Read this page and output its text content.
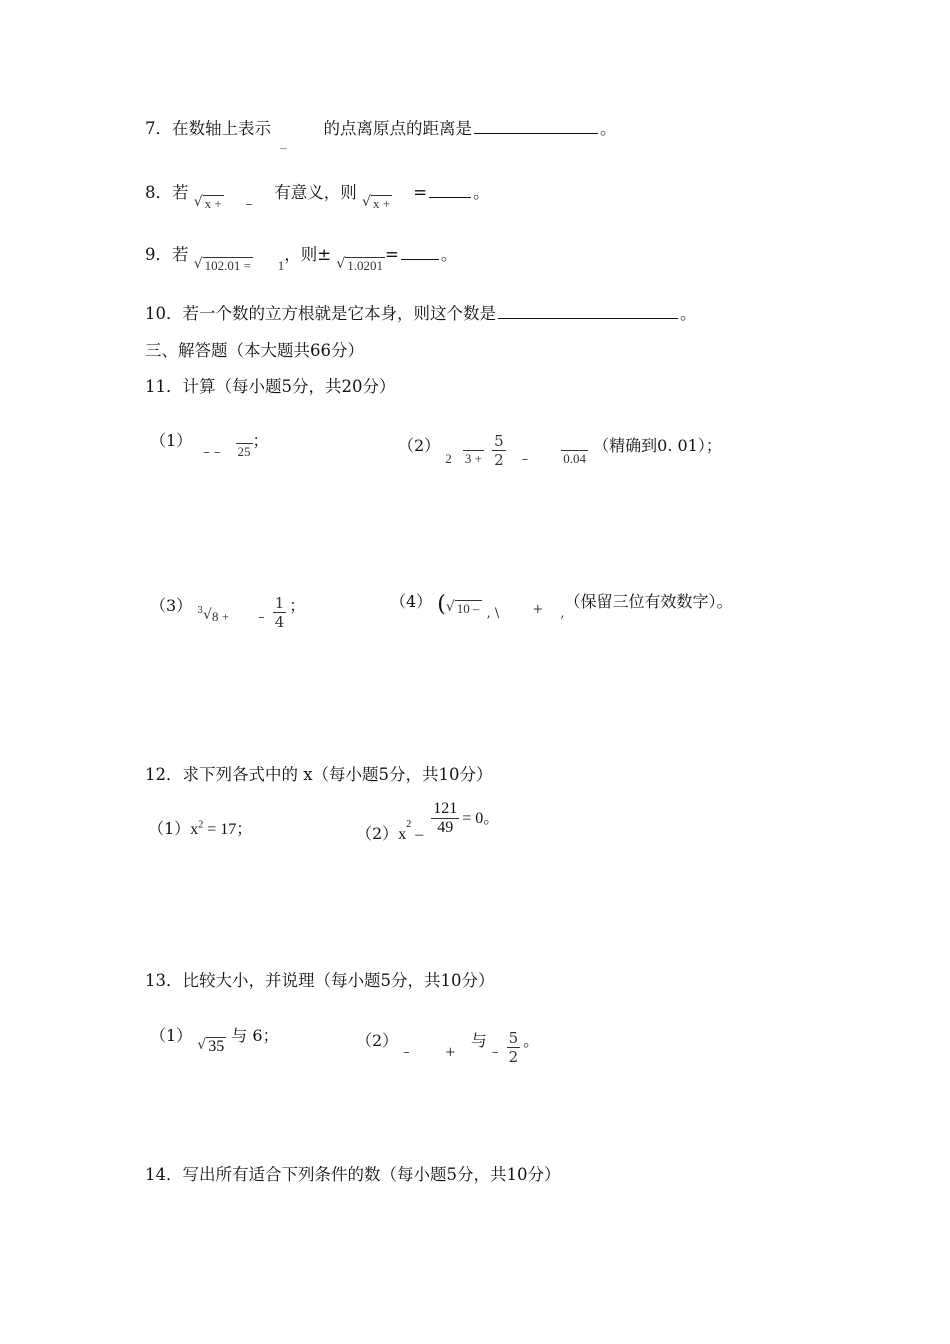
7．在数轴上表示 _ 的点离原点的距离是	。
8．若 $_√$ $_{x +}$ – 有意义，则 $_√$ $_{x +}$ =	。
9．若 $_√$ $_{102.01 =}$ 1，则± $_√$ $_{1.0201}$=	。
10．若一个数的立方根就是它本身，则这个数是	。
三、解答题（本大题共66分）
11．计算（每小题5分，共20分）
（1） $_{- -}$ $_{25}$；	（2） $_2$ $_{3 +} \frac{5}{2} _-$	$_{0.04}$ （精确到0. 01）；
（3） $^3√_{8 +}$ $_- \frac{1}{4}$ ；	（4） (√ $_{10 -}$ $_{, \backslash}$	$_+$ $_,$（保留三位有效数字）。
12．求下列各式中的 x（每小题5分，共10分）
$(1)x^2 = 17$；	$(2)x^2 - \frac{121}{49} = 0$。
13．比较大小，并说理（每小题5分，共10分）
（1） √ 35 与 6；	（2） $_-$	$_+$ 与 $_- \frac{5}{2}$ 。
14．写出所有适合下列条件的数（每小题5分，共10分）
